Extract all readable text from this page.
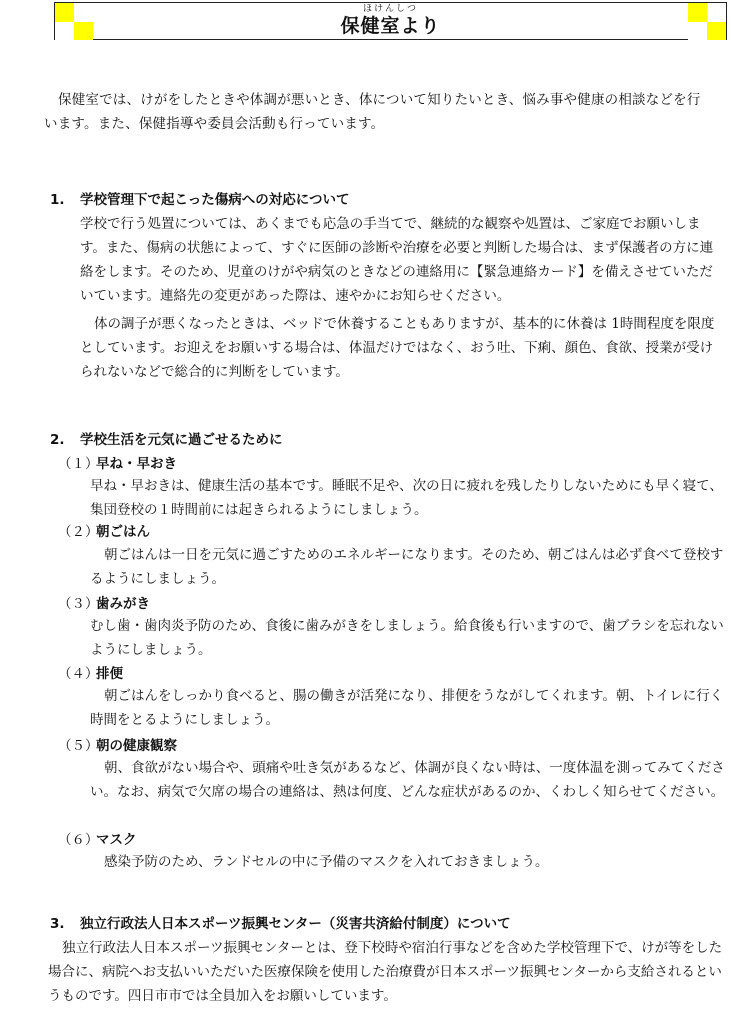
ほけんしつ
保健室より

保健室では、けがをしたときや体調が悪いとき、体について知りたいとき、悩み事や健康の相談などを行います。また、保健指導や委員会活動も行っています。

1. 学校管理下で起こった傷病への対応について

学校で行う処置については、あくまでも応急の手当てで、継続的な観察や処置は、ご家庭でお願いします。また、傷病の状態によって、すぐに医師の診断や治療を必要と判断した場合は、まず保護者の方に連絡をします。そのため、児童のけがや病気のときなどの連絡用に【緊急連絡カード】を備えさせていただいています。連絡先の変更があった際は、速やかにお知らせください。

体の調子が悪くなったときは、ベッドで休養することもありますが、基本的に休養は 1時間程度を限度としています。お迎えをお願いする場合は、体温だけではなく、おう吐、下痢、顔色、食欲、授業が受けられないなどで総合的に判断をしています。

2. 学校生活を元気に過ごせるために
（１）早ね・早おき

早ね・早おきは、健康生活の基本です。睡眠不足や、次の日に疲れを残したりしないためにも早く寝て、集団登校の１時間前には起きられるようにしましょう。

（２）朝ごはん

朝ごはんは一日を元気に過ごすためのエネルギーになります。そのため、朝ごはんは必ず食べて登校するようにしましょう。

（３）歯みがき

むし歯・歯肉炎予防のため、食後に歯みがきをしましょう。給食後も行いますので、歯ブラシを忘れないようにしましょう。

（４）排便

朝ごはんをしっかり食べると、腸の働きが活発になり、排便をうながしてくれます。朝、トイレに行く時間をとるようにしましょう。

（５）朝の健康観察

朝、食欲がない場合や、頭痛や吐き気があるなど、体調が良くない時は、一度体温を測ってみてください。なお、病気で欠席の場合の連絡は、熱は何度、どんな症状があるのか、くわしく知らせてください。

（６）マスク

感染予防のため、ランドセルの中に予備のマスクを入れておきましょう。

3. 独立行政法人日本スポーツ振興センター（災害共済給付制度）について

独立行政法人日本スポーツ振興センターとは、登下校時や宿泊行事などを含めた学校管理下で、けが等をした場合に、病院へお支払いいただいた医療保険を使用した治療費が日本スポーツ振興センターから支給されるというものです。四日市市では全員加入をお願いしています。
